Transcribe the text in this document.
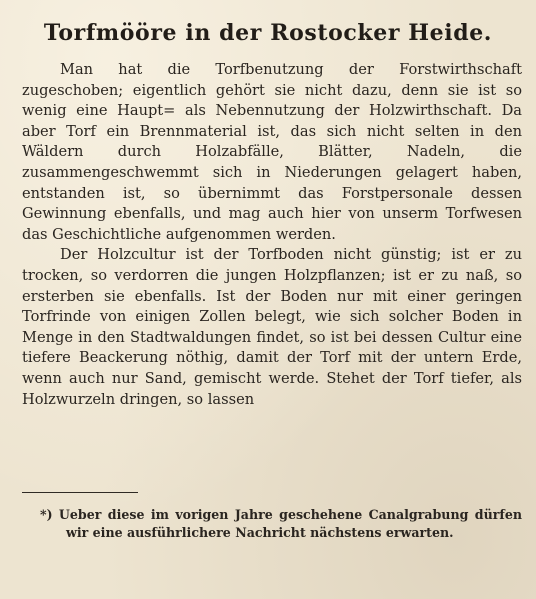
Torfmööre in der Rostocker Heide.

Man hat die Torfbenutzung der Forstwirthschaft zugeschoben; eigentlich gehört sie nicht dazu, denn sie ist so wenig eine Haupt= als Nebennutzung der Holzwirthschaft. Da aber Torf ein Brennmaterial ist, das sich nicht selten in den Wäldern durch Holzabfälle, Blätter, Nadeln, die zusammengeschwemmt sich in Niederungen gelagert haben, entstanden ist, so übernimmt das Forstpersonale dessen Gewinnung ebenfalls, und mag auch hier von unserm Torfwesen das Geschichtliche aufgenommen werden.

Der Holzcultur ist der Torfboden nicht günstig; ist er zu trocken, so verdorren die jungen Holzpflanzen; ist er zu naß, so ersterben sie ebenfalls. Ist der Boden nur mit einer geringen Torfrinde von einigen Zollen belegt, wie sich solcher Boden in Menge in den Stadtwaldungen findet, so ist bei dessen Cultur eine tiefere Beackerung nöthig, damit der Torf mit der untern Erde, wenn auch nur Sand, gemischt werde. Stehet der Torf tiefer, als Holzwurzeln dringen, so lassen

*) Ueber diese im vorigen Jahre geschehene Canalgrabung dürfen wir eine ausführlichere Nachricht nächstens erwarten.
